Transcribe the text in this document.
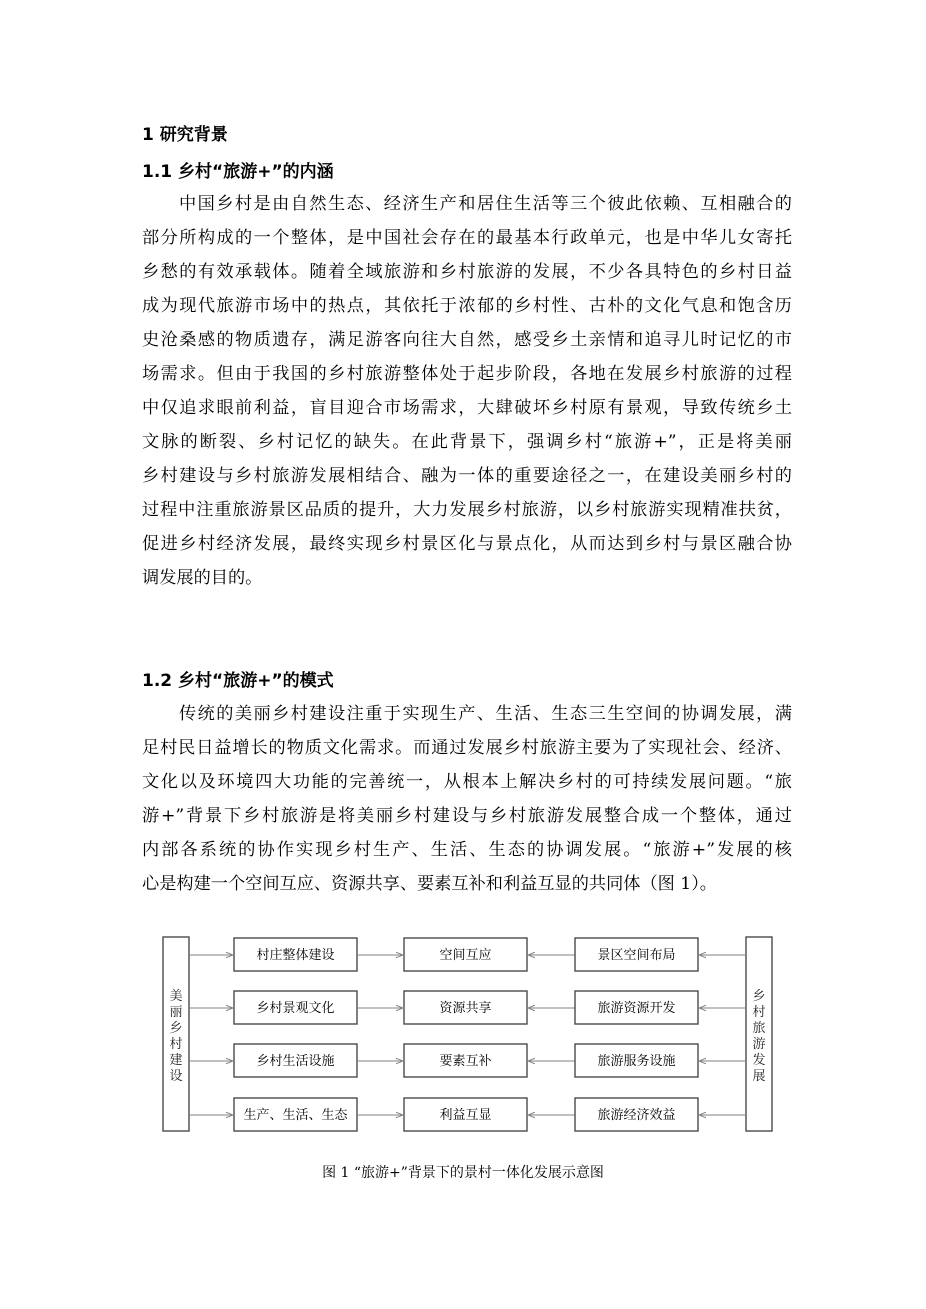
1 研究背景
1.1 乡村“旅游+”的内涵
中国乡村是由自然生态、经济生产和居住生活等三个彼此依赖、互相融合的
部分所构成的一个整体，是中国社会存在的最基本行政单元，也是中华儿女寄托
乡愁的有效承载体。随着全域旅游和乡村旅游的发展，不少各具特色的乡村日益
成为现代旅游市场中的热点，其依托于浓郁的乡村性、古朴的文化气息和饱含历
史沧桑感的物质遗存，满足游客向往大自然，感受乡土亲情和追寻儿时记忆的市
场需求。但由于我国的乡村旅游整体处于起步阶段，各地在发展乡村旅游的过程
中仅追求眼前利益，盲目迎合市场需求，大肆破坏乡村原有景观，导致传统乡土
文脉的断裂、乡村记忆的缺失。在此背景下，强调乡村“旅游+”，正是将美丽
乡村建设与乡村旅游发展相结合、融为一体的重要途径之一，在建设美丽乡村的
过程中注重旅游景区品质的提升，大力发展乡村旅游，以乡村旅游实现精准扶贫，
促进乡村经济发展，最终实现乡村景区化与景点化，从而达到乡村与景区融合协
调发展的目的。
1.2 乡村“旅游+”的模式
传统的美丽乡村建设注重于实现生产、生活、生态三生空间的协调发展，满
足村民日益增长的物质文化需求。而通过发展乡村旅游主要为了实现社会、经济、
文化以及环境四大功能的完善统一，从根本上解决乡村的可持续发展问题。“旅
游+”背景下乡村旅游是将美丽乡村建设与乡村旅游发展整合成一个整体，通过
内部各系统的协作实现乡村生产、生活、生态的协调发展。“旅游+”发展的核
心是构建一个空间互应、资源共享、要素互补和利益互显的共同体（图 1）。
美
丽
乡
村
建
设
乡
村
旅
游
发
展
村庄整体建设	空间互应	景区空间布局
乡村景观文化	资源共享	旅游资源开发
乡村生活设施	要素互补	旅游服务设施
生产、生活、生态	利益互显	旅游经济效益
图 1 “旅游+”背景下的景村一体化发展示意图
